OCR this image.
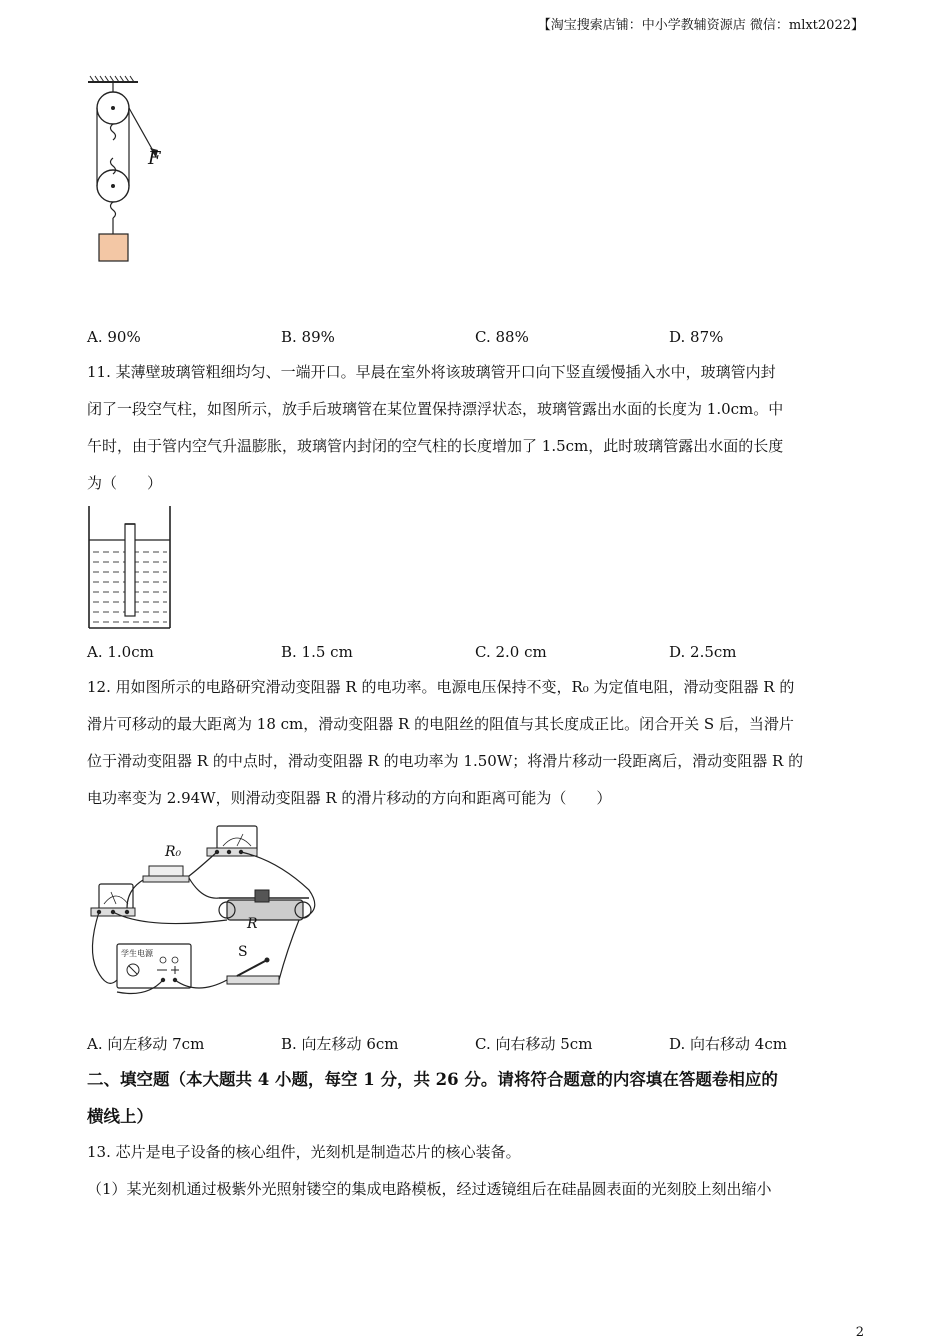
【淘宝搜索店铺：中小学教辅资源店 微信：mlxt2022】
F
A. 90%	B. 89%	C. 88%	D. 87%
11. 某薄壁玻璃管粗细均匀、一端开口。早晨在室外将该玻璃管开口向下竖直缓慢插入水中，玻璃管内封
闭了一段空气柱，如图所示，放手后玻璃管在某位置保持漂浮状态，玻璃管露出水面的长度为 1.0cm。中
午时，由于管内空气升温膨胀，玻璃管内封闭的空气柱的长度增加了 1.5cm，此时玻璃管露出水面的长度
为（　　）
A. 1.0cm	B. 1.5 cm	C. 2.0 cm	D. 2.5cm
12. 用如图所示的电路研究滑动变阻器 R 的电功率。电源电压保持不变，R₀ 为定值电阻，滑动变阻器 R 的
滑片可移动的最大距离为 18 cm，滑动变阻器 R 的电阻丝的阻值与其长度成正比。闭合开关 S 后，当滑片
位于滑动变阻器 R 的中点时，滑动变阻器 R 的电功率为 1.50W；将滑片移动一段距离后，滑动变阻器 R 的
电功率变为 2.94W，则滑动变阻器 R 的滑片移动的方向和距离可能为（　　）
R₀
R
S
学生电源
A. 向左移动 7cm	B. 向左移动 6cm	C. 向右移动 5cm	D. 向右移动 4cm
二、填空题（本大题共 4 小题，每空 1 分，共 26 分。请将符合题意的内容填在答题卷相应的
横线上）
13. 芯片是电子设备的核心组件，光刻机是制造芯片的核心装备。
（1）某光刻机通过极紫外光照射镂空的集成电路模板，经过透镜组后在硅晶圆表面的光刻胶上刻出缩小
2
